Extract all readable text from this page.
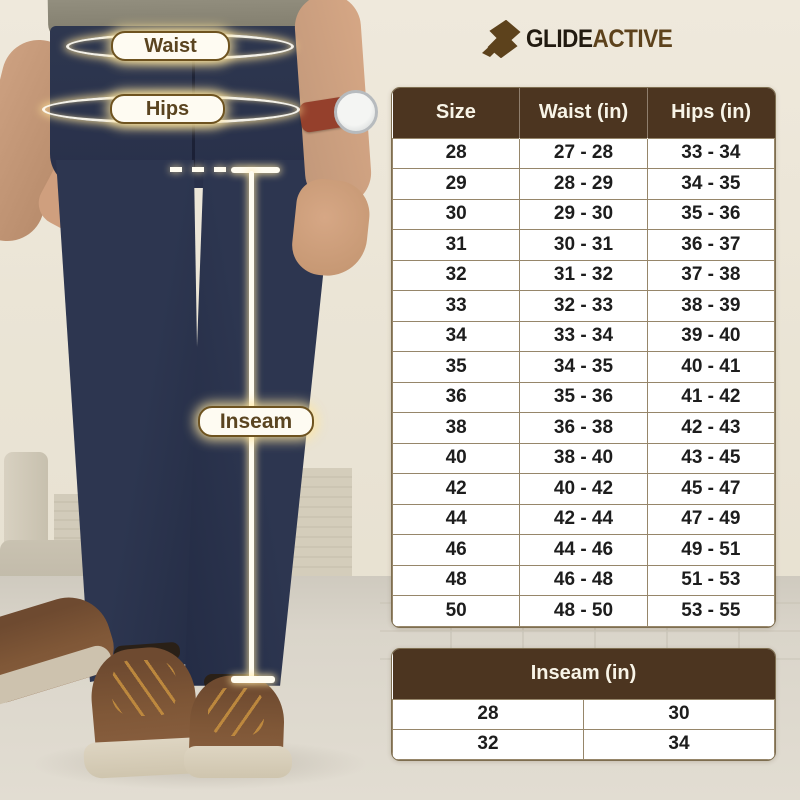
Waist
Hips
Inseam
GLIDEACTIVE
Size	Waist (in)	Hips (in)
28	27 - 28	33 - 34
29	28 - 29	34 - 35
30	29 - 30	35 - 36
31	30 - 31	36 - 37
32	31 - 32	37 - 38
33	32 - 33	38 - 39
34	33 - 34	39 - 40
35	34 - 35	40 - 41
36	35 - 36	41 - 42
38	36 - 38	42 - 43
40	38 - 40	43 - 45
42	40 - 42	45 - 47
44	42 - 44	47 - 49
46	44 - 46	49 - 51
48	46 - 48	51 - 53
50	48 - 50	53 - 55
Inseam (in)	
28	30
32	34
